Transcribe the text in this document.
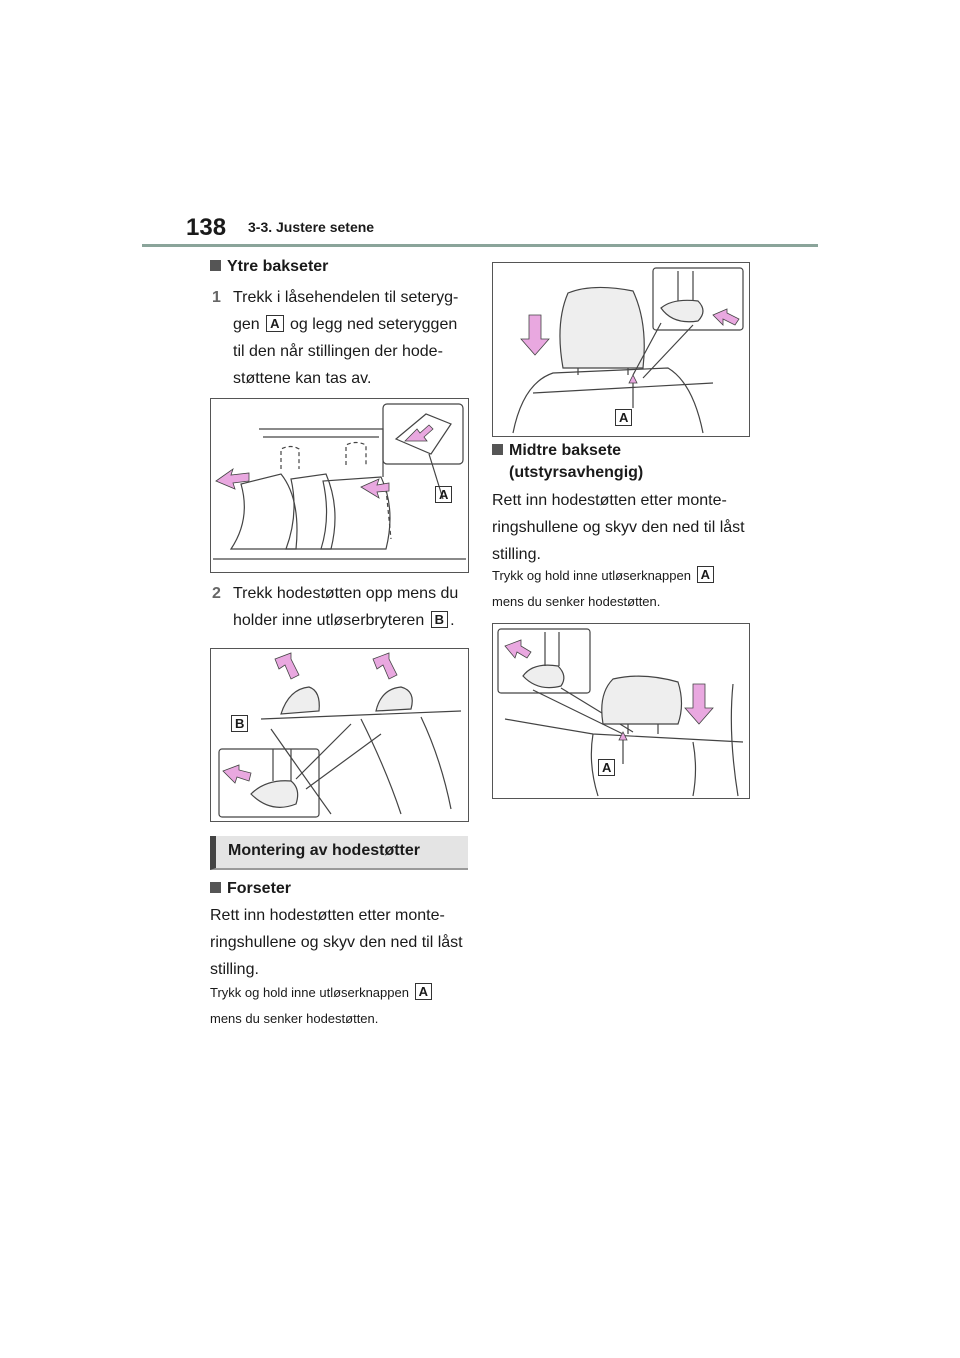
138 3-3. Justere setene
Ytre bakseter
1 Trekk i låsehendelen til seteryg-
gen A og legg ned seteryggen
til den når stillingen der hode-
støttene kan tas av.
A
2 Trekk hodestøtten opp mens du
holder inne utløserbryteren B .
B
Montering av hodestøtter
Forseter
Rett inn hodestøtten etter monte-
ringshullene og skyv den ned til låst
stilling.
Trykk og hold inne utløserknappen A
mens du senker hodestøtten.
A
Midtre baksete
(utstyrsavhengig)
Rett inn hodestøtten etter monte-
ringshullene og skyv den ned til låst
stilling.
Trykk og hold inne utløserknappen A
mens du senker hodestøtten.
A
